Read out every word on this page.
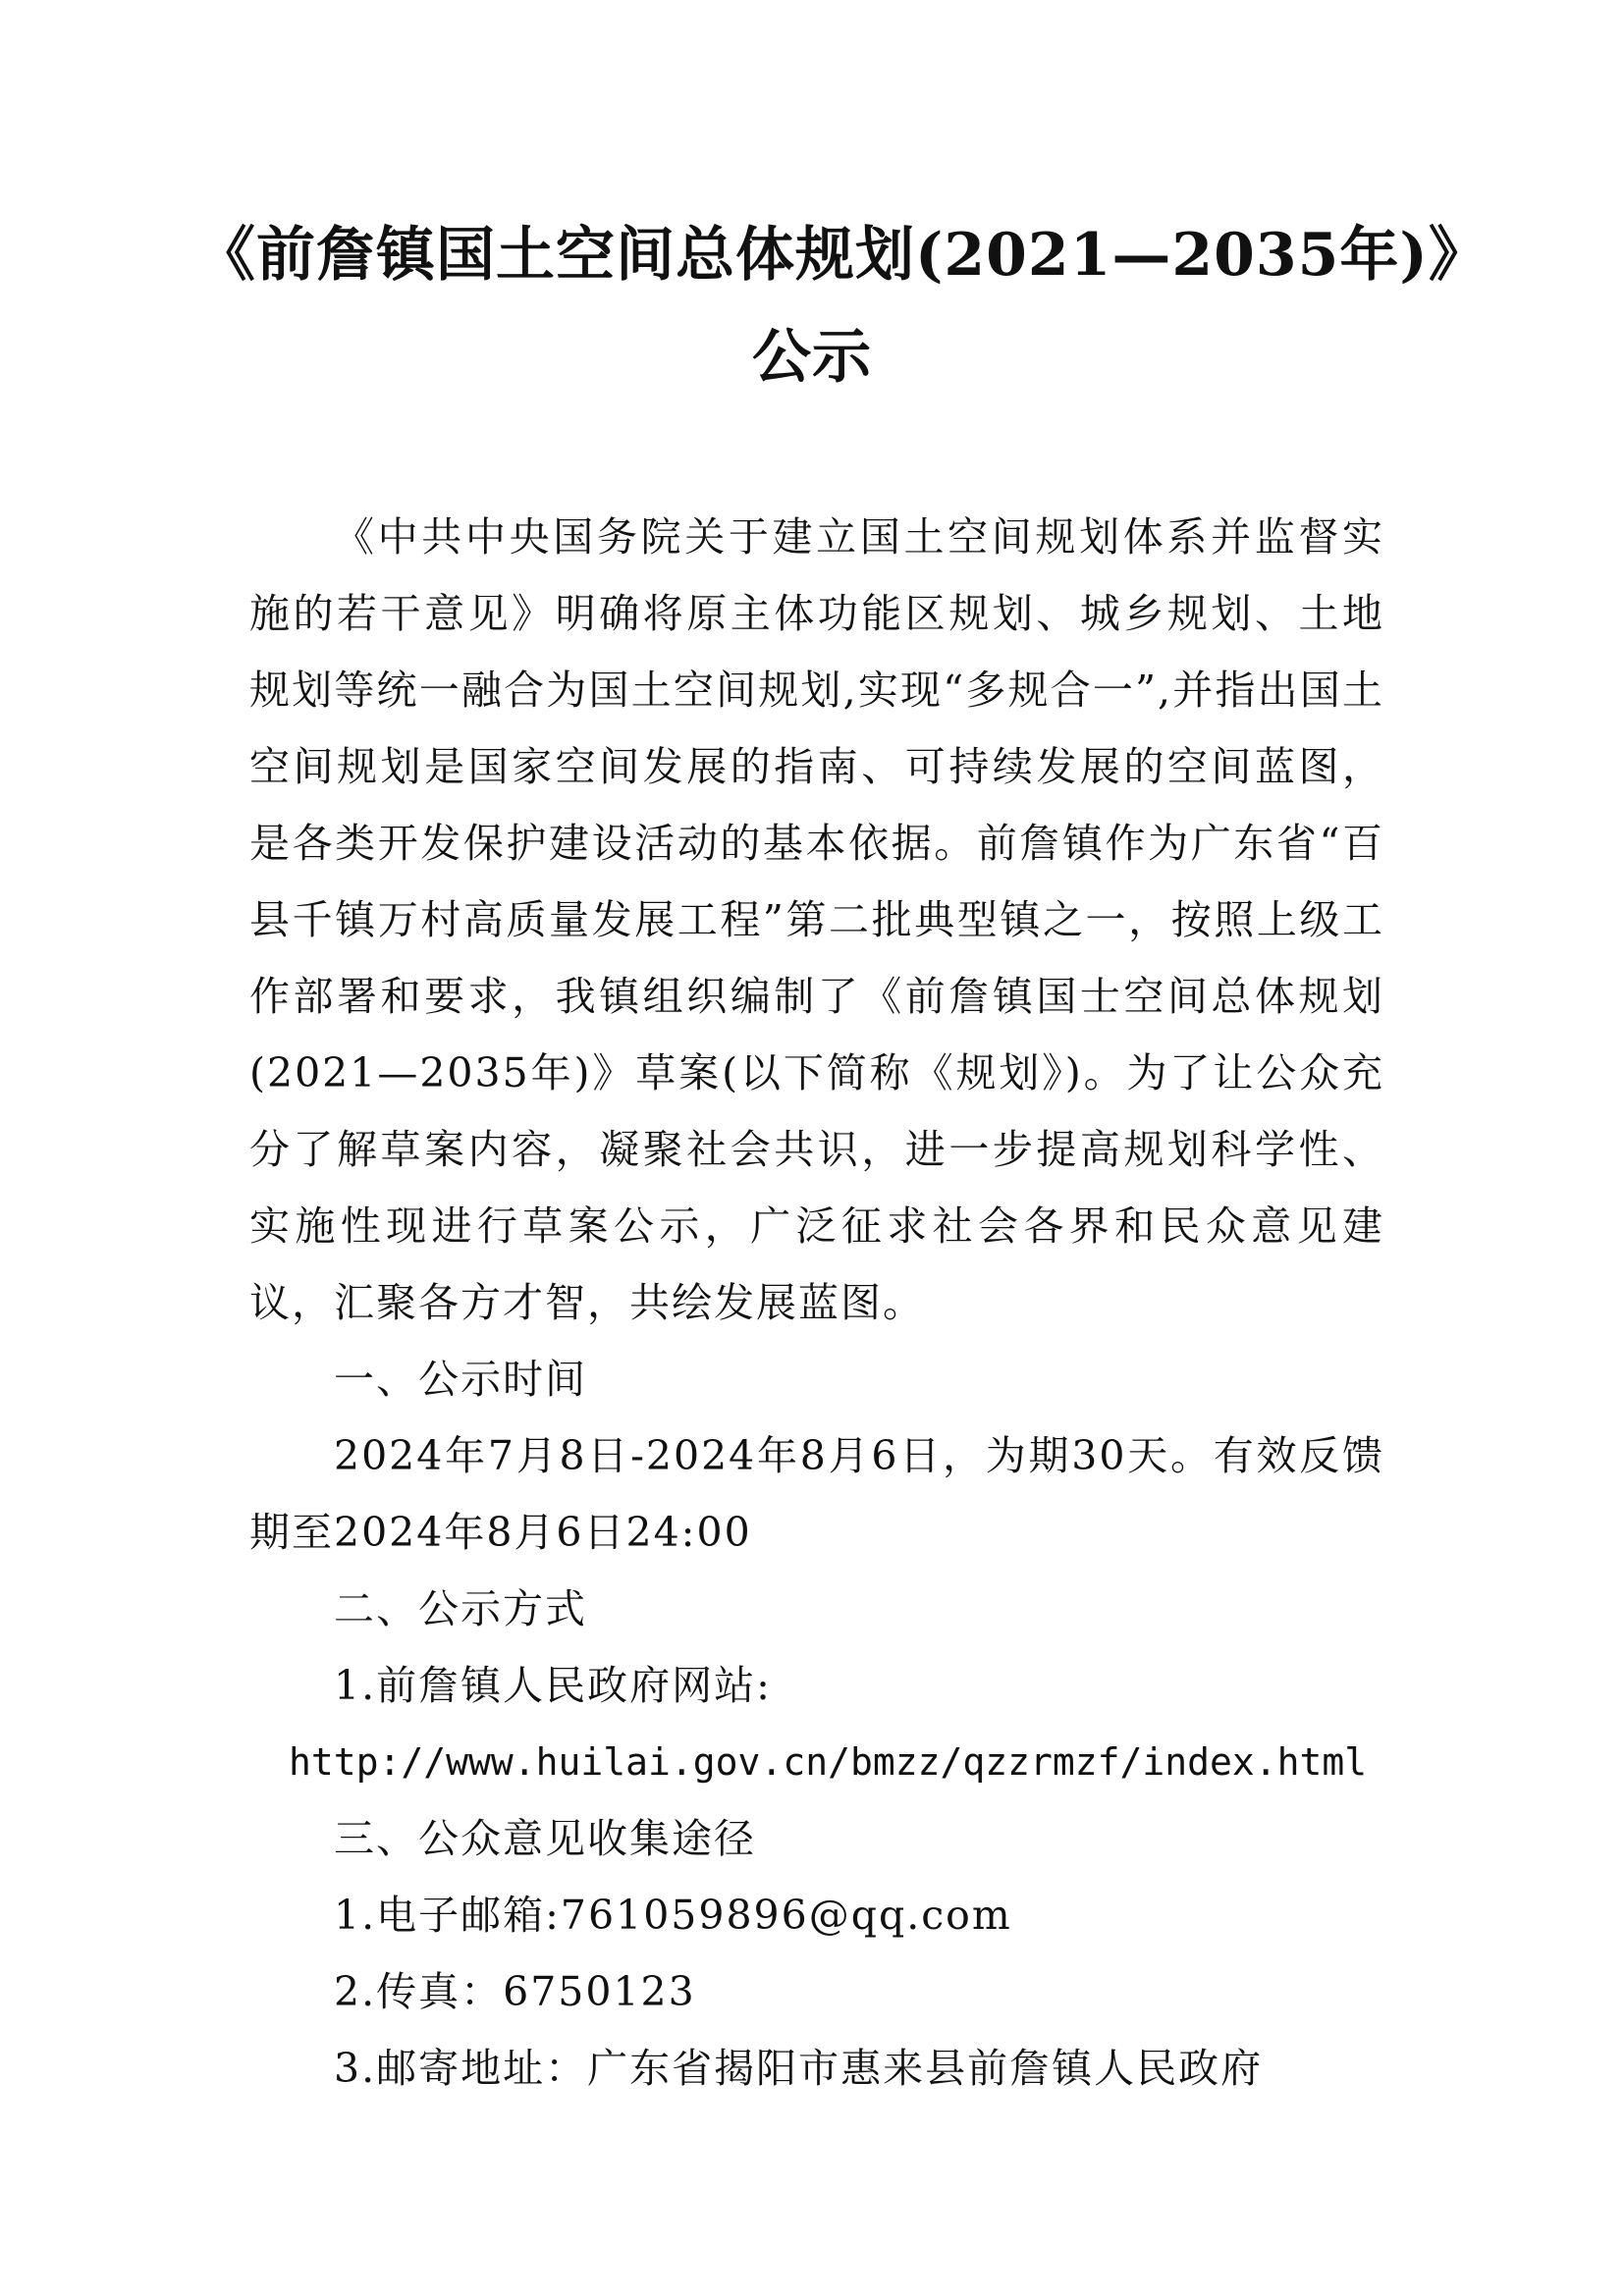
《前詹镇国土空间总体规划(2021—2035年)》
公示

《中共中央国务院关于建立国土空间规划体系并监督实施的若干意见》明确将原主体功能区规划、城乡规划、土地规划等统一融合为国土空间规划,实现“多规合一”,并指出国土空间规划是国家空间发展的指南、可持续发展的空间蓝图，是各类开发保护建设活动的基本依据。前詹镇作为广东省“百县千镇万村高质量发展工程”第二批典型镇之一，按照上级工作部署和要求，我镇组织编制了《前詹镇国士空间总体规划(2021—2035年)》草案(以下简称《规划》)。为了让公众充分了解草案内容，凝聚社会共识，进一步提高规划科学性、实施性现进行草案公示，广泛征求社会各界和民众意见建议，汇聚各方才智，共绘发展蓝图。

一、公示时间

2024年7月8日-2024年8月6日，为期30天。有效反馈期至2024年8月6日24:00

二、公示方式

1.前詹镇人民政府网站:

http://www.huilai.gov.cn/bmzz/qzzrmzf/index.html

三、公众意见收集途径

1.电子邮箱:761059896@qq.com

2.传真：6750123

3.邮寄地址：广东省揭阳市惠来县前詹镇人民政府
